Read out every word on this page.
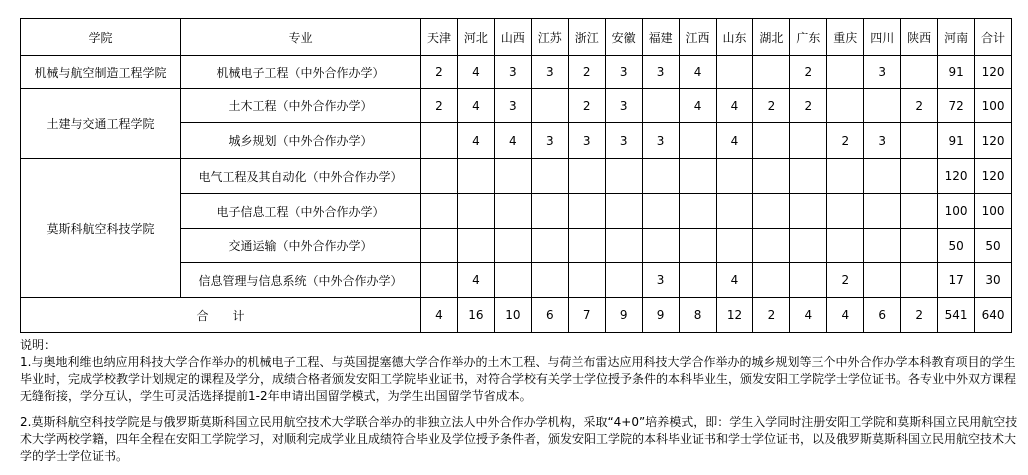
学院	专业	天津	河北	山西	江苏	浙江	安徽	福建	江西	山东	湖北	广东	重庆	四川	陕西	河南	合计
机械与航空制造工程学院	机械电子工程（中外合作办学）	2	4	3	3	2	3	3	4			2		3		91	120
土建与交通工程学院	土木工程（中外合作办学）	2	4	3		2	3		4	4	2	2			2	72	100
	城乡规划（中外合作办学）		4	4	3	3	3	3		4			2	3		91	120
莫斯科航空科技学院	电气工程及其自动化（中外合作办学）															120	120
	电子信息工程（中外合作办学）															100	100
	交通运输（中外合作办学）															50	50
	信息管理与信息系统（中外合作办学）		4					3		4			2			17	30
合　　计		4	16	10	6	7	9	9	8	12	2	4	4	6	2	541	640

说明：

1.与奥地利维也纳应用科技大学合作举办的机械电子工程、与英国提塞德大学合作举办的土木工程、与荷兰布雷达应用科技大学合作举办的城乡规划等三个中外合作办学本科教育项目的学生毕业时，完成学校教学计划规定的课程及学分，成绩合格者颁发安阳工学院毕业证书，对符合学校有关学士学位授予条件的本科毕业生，颁发安阳工学院学士学位证书。各专业中外双方课程无缝衔接，学分互认，学生可灵活选择提前1-2年申请出国留学模式，为学生出国留学节省成本。

2.莫斯科航空科技学院是与俄罗斯莫斯科国立民用航空技术大学联合举办的非独立法人中外合作办学机构，采取“4+0”培养模式，即：学生入学同时注册安阳工学院和莫斯科国立民用航空技术大学两校学籍，四年全程在安阳工学院学习，对顺利完成学业且成绩符合毕业及学位授予条件者，颁发安阳工学院的本科毕业证书和学士学位证书，以及俄罗斯莫斯科国立民用航空技术大学的学士学位证书。
